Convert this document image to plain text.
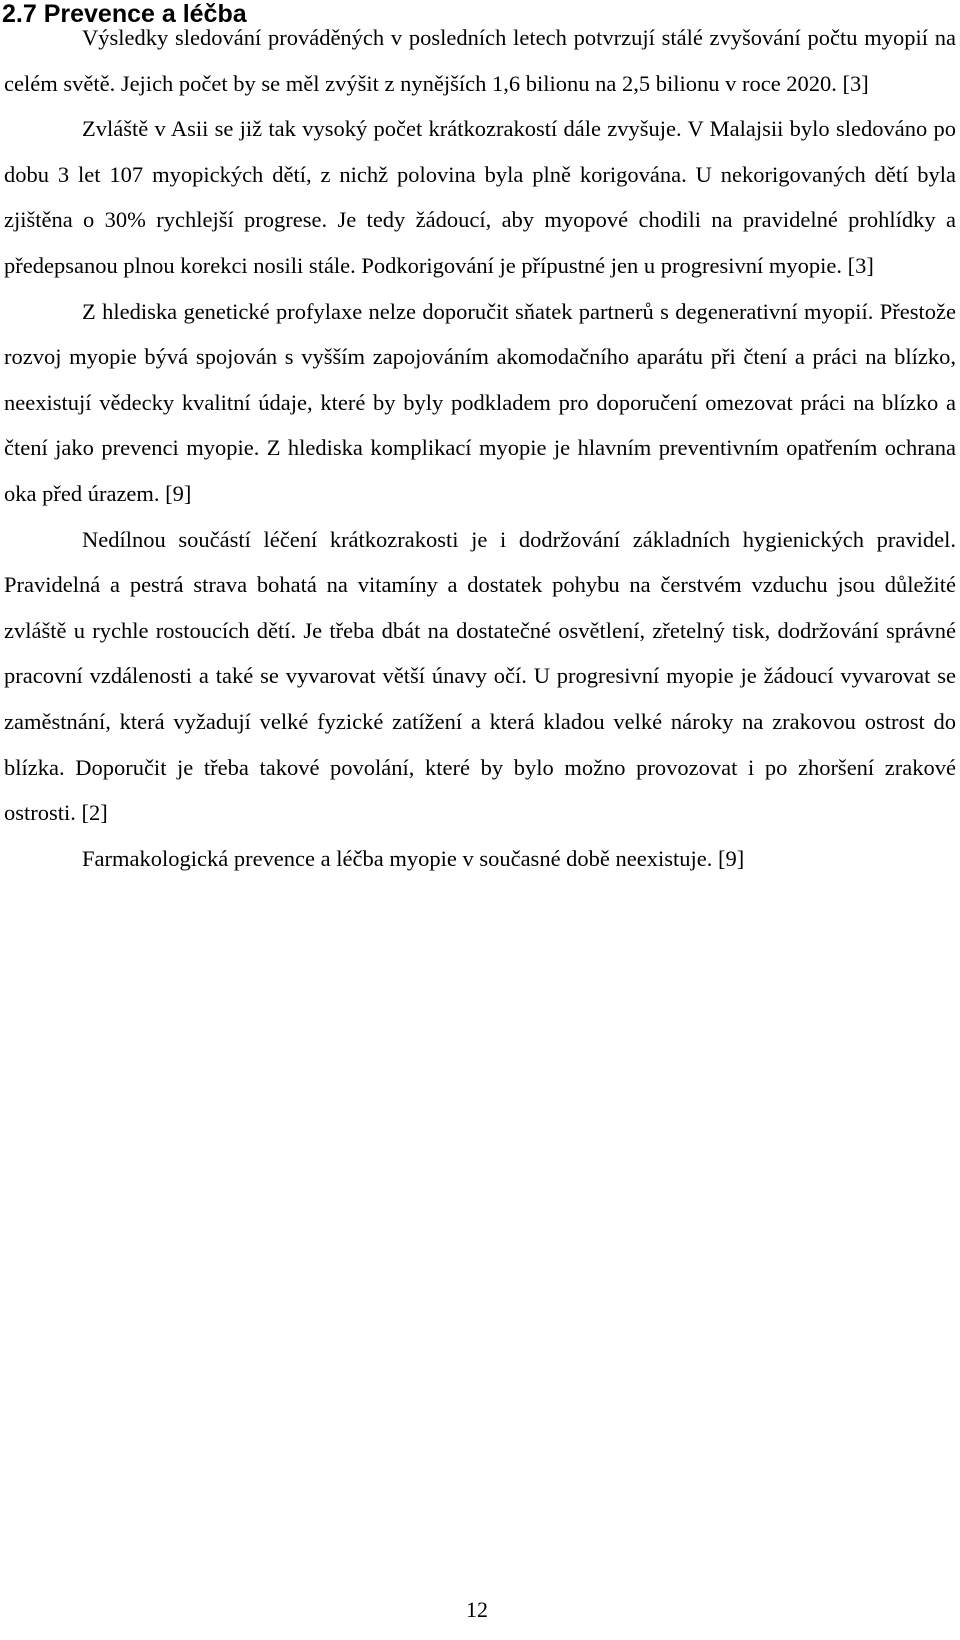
2.7 Prevence a léčba

Výsledky sledování prováděných v posledních letech potvrzují stálé zvyšování počtu myopií na celém světě. Jejich počet by se měl zvýšit z nynějších 1,6 bilionu na 2,5 bilionu v roce 2020. [3]

Zvláště v Asii se již tak vysoký počet krátkozrakostí dále zvyšuje. V Malajsii bylo sledováno po dobu 3 let 107 myopických dětí, z nichž polovina byla plně korigována. U nekorigovaných dětí byla zjištěna o 30% rychlejší progrese. Je tedy žádoucí, aby myopové chodili na pravidelné prohlídky a předepsanou plnou korekci nosili stále. Podkorigování je přípustné jen u progresivní myopie. [3]

Z hlediska genetické profylaxe nelze doporučit sňatek partnerů s degenerativní myopií. Přestože rozvoj myopie bývá spojován s vyšším zapojováním akomodačního aparátu při čtení a práci na blízko, neexistují vědecky kvalitní údaje, které by byly podkladem pro doporučení omezovat práci na blízko a čtení jako prevenci myopie. Z hlediska komplikací myopie je hlavním preventivním opatřením ochrana oka před úrazem. [9]

Nedílnou součástí léčení krátkozrakosti je i dodržování základních hygienických pravidel. Pravidelná a pestrá strava bohatá na vitamíny a dostatek pohybu na čerstvém vzduchu jsou důležité zvláště u rychle rostoucích dětí. Je třeba dbát na dostatečné osvětlení, zřetelný tisk, dodržování správné pracovní vzdálenosti a také se vyvarovat větší únavy očí. U progresivní myopie je žádoucí vyvarovat se zaměstnání, která vyžadují velké fyzické zatížení a která kladou velké nároky na zrakovou ostrost do blízka. Doporučit je třeba takové povolání, které by bylo možno provozovat i po zhoršení zrakové ostrosti. [2]

Farmakologická prevence a léčba myopie v současné době neexistuje. [9]

12
